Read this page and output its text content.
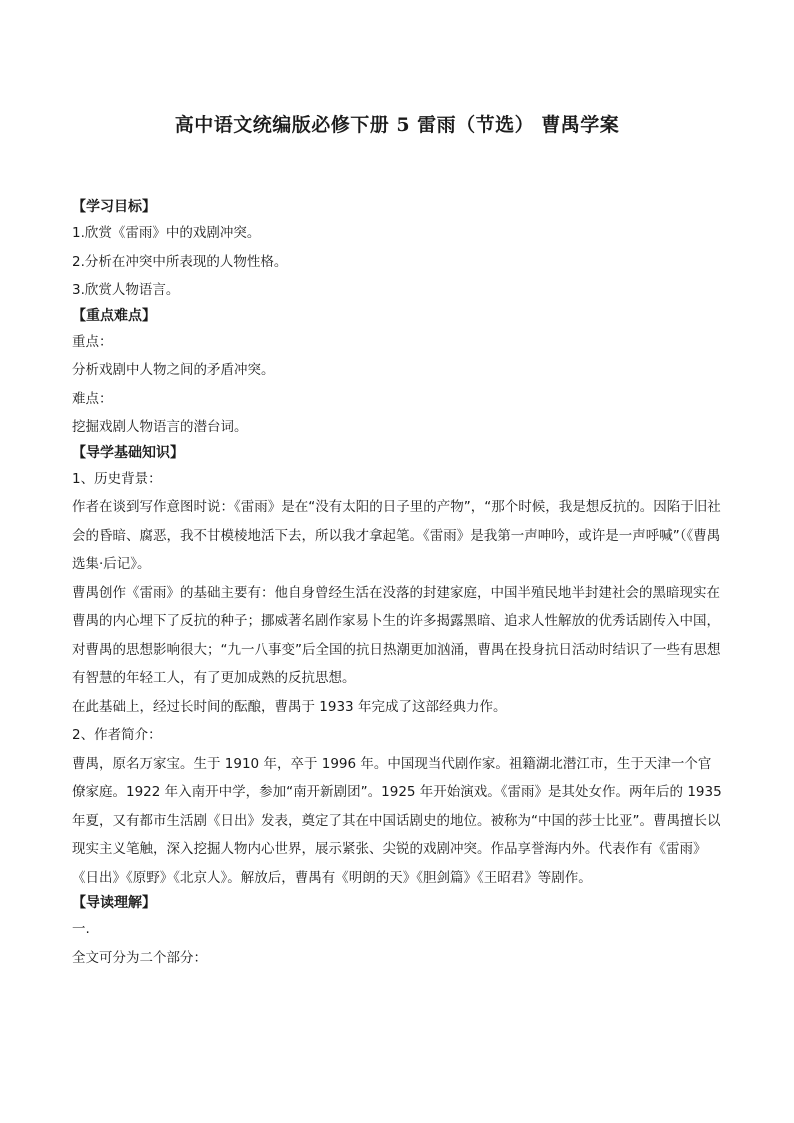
高中语文统编版必修下册 5 雷雨（节选） 曹禺学案

【学习目标】

1.欣赏《雷雨》中的戏剧冲突。

2.分析在冲突中所表现的人物性格。

3.欣赏人物语言。

【重点难点】

重点：

分析戏剧中人物之间的矛盾冲突。

难点：

挖掘戏剧人物语言的潜台词。

【导学基础知识】

1、历史背景：

作者在谈到写作意图时说：《雷雨》是在“没有太阳的日子里的产物”，“那个时候，我是想反抗的。因陷于旧社会的昏暗、腐恶，我不甘模棱地活下去，所以我才拿起笔。《雷雨》是我第一声呻吟，或许是一声呼喊”（《曹禺选集·后记》。

曹禺创作《雷雨》的基础主要有：他自身曾经生活在没落的封建家庭，中国半殖民地半封建社会的黑暗现实在曹禺的内心埋下了反抗的种子；挪威著名剧作家易卜生的许多揭露黑暗、追求人性解放的优秀话剧传入中国，对曹禺的思想影响很大；“九一八事变”后全国的抗日热潮更加汹涌，曹禺在投身抗日活动时结识了一些有思想有智慧的年轻工人，有了更加成熟的反抗思想。

在此基础上，经过长时间的酝酿，曹禺于 1933 年完成了这部经典力作。

2、作者简介：

曹禺，原名万家宝。生于 1910 年，卒于 1996 年。中国现当代剧作家。祖籍湖北潜江市，生于天津一个官僚家庭。1922 年入南开中学，参加“南开新剧团”。1925 年开始演戏。《雷雨》是其处女作。两年后的 1935 年夏，又有都市生活剧《日出》发表，奠定了其在中国话剧史的地位。被称为“中国的莎士比亚”。曹禺擅长以现实主义笔触，深入挖掘人物内心世界，展示紧张、尖锐的戏剧冲突。作品享誉海内外。代表作有《雷雨》《日出》《原野》《北京人》。解放后，曹禺有《明朗的天》《胆剑篇》《王昭君》等剧作。

【导读理解】

一.

全文可分为二个部分：
